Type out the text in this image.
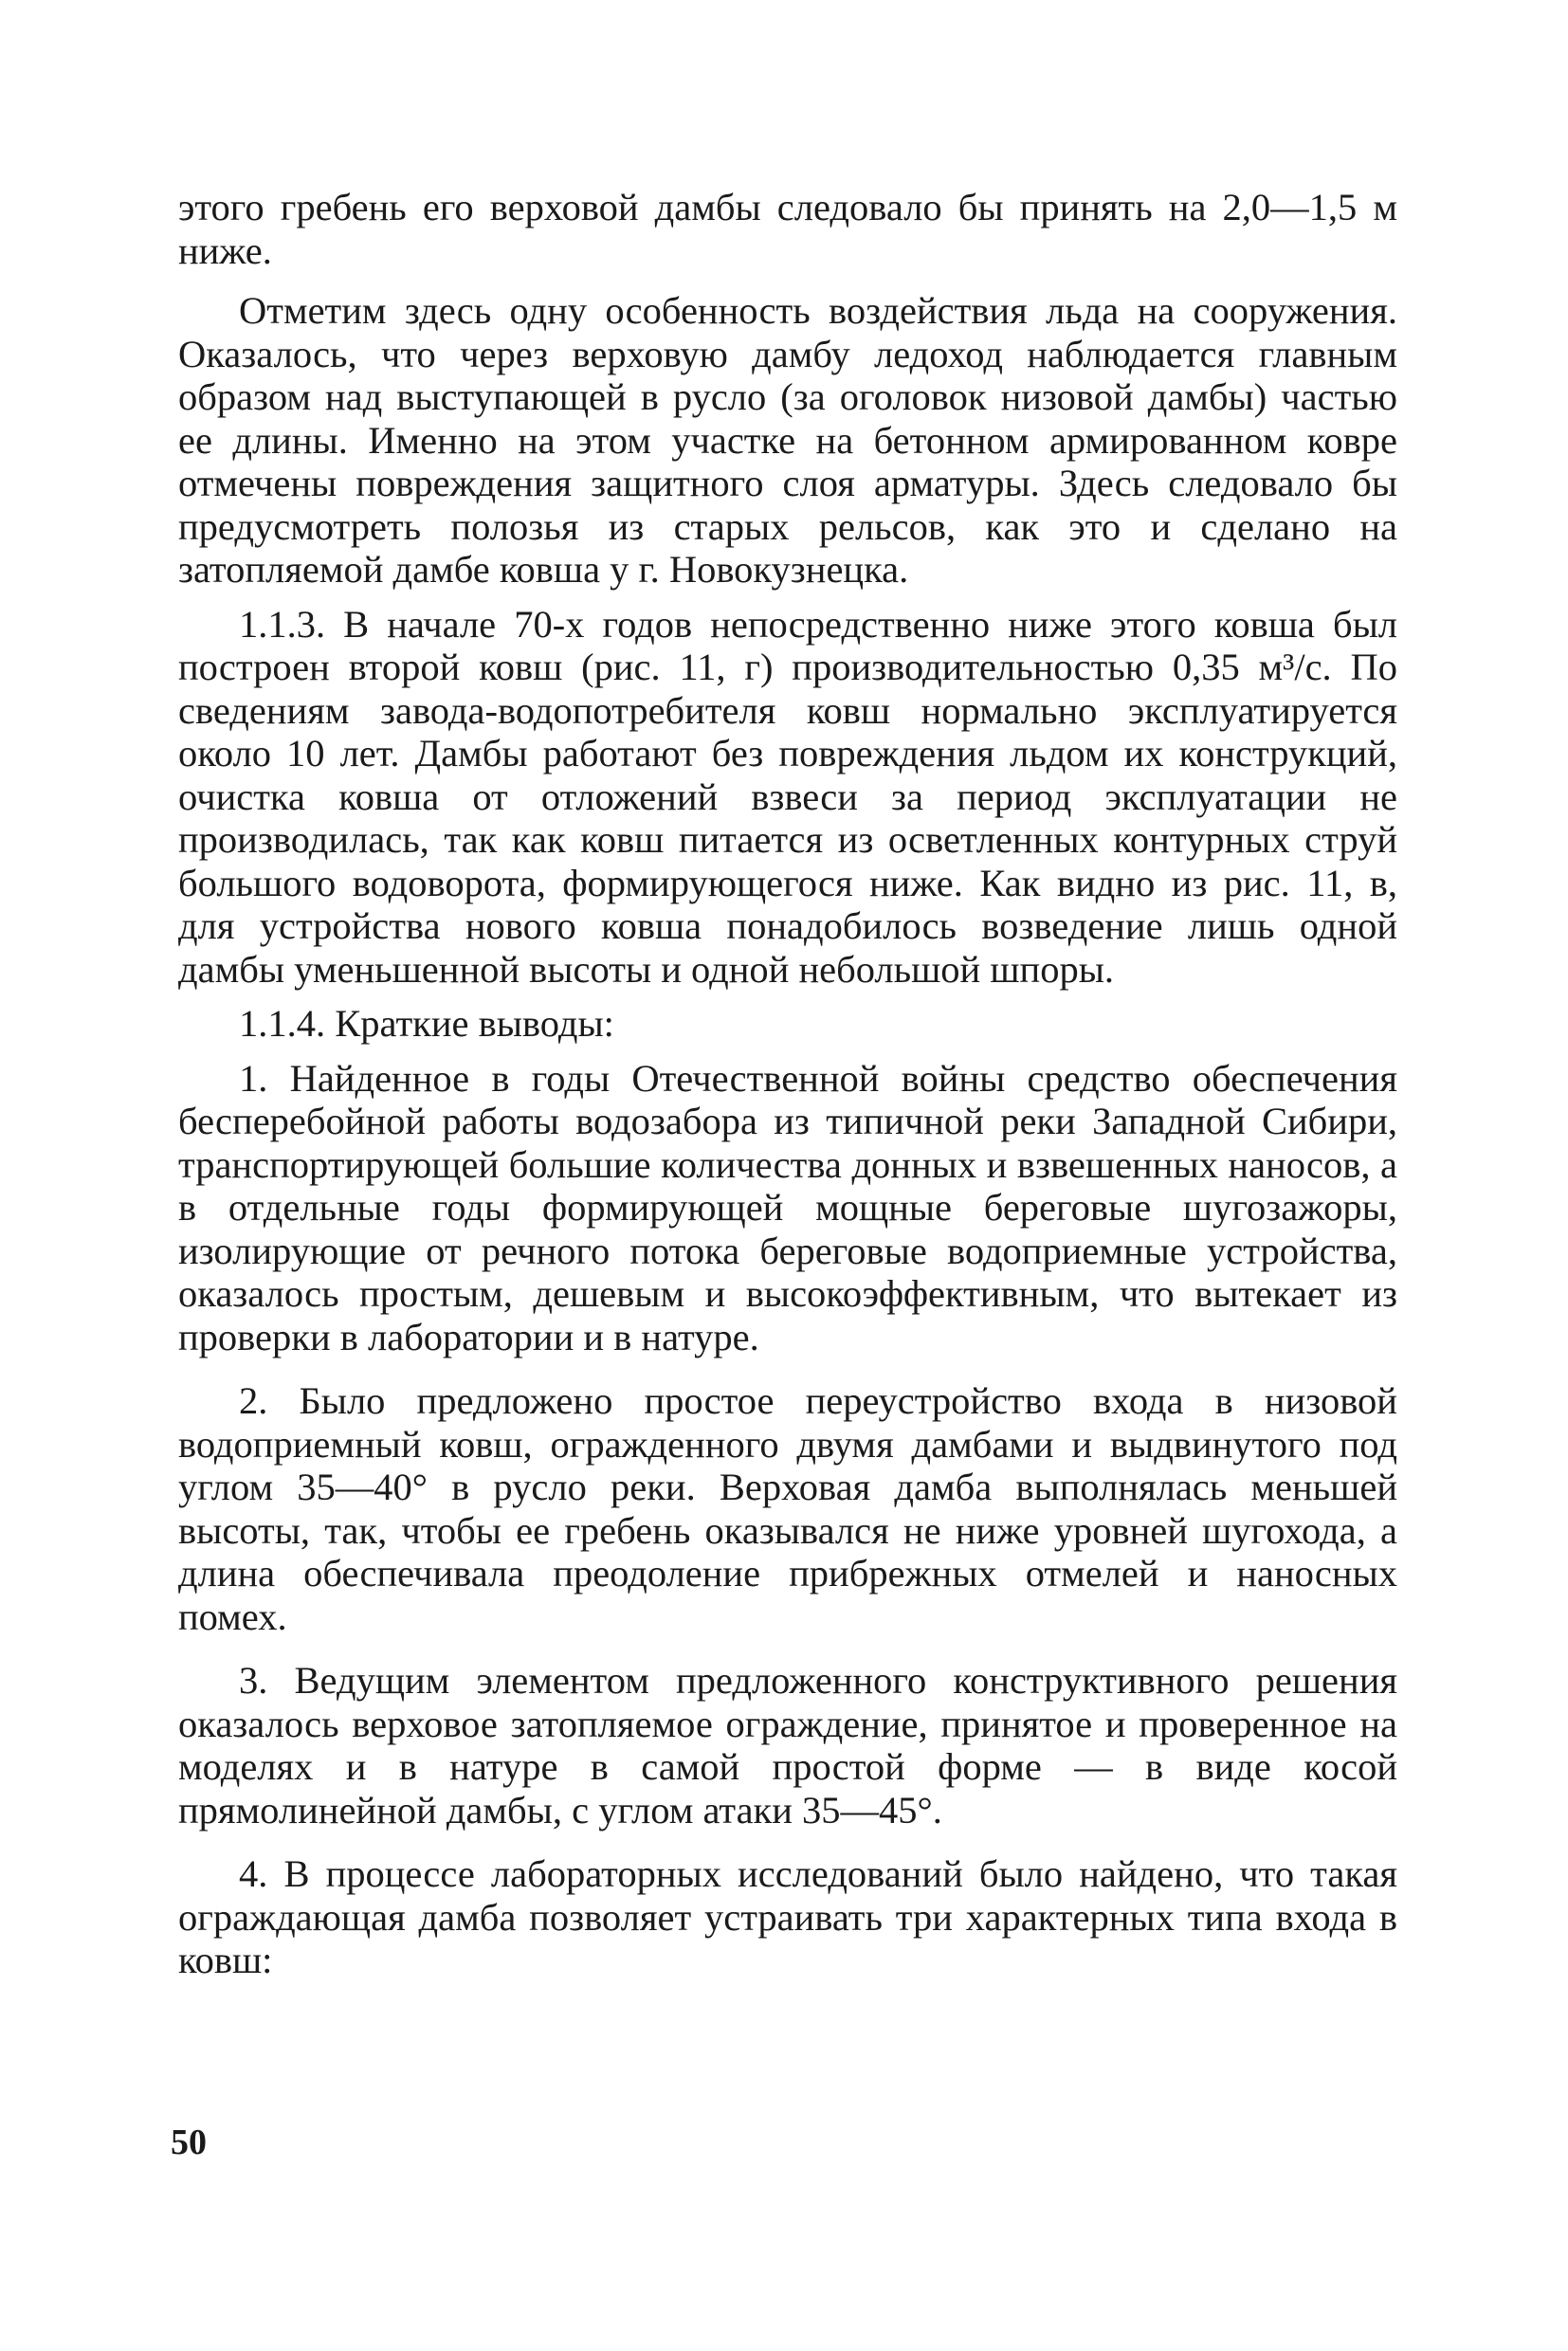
этого гребень его верховой дамбы следовало бы принять на 2,0—1,5 м ниже.

Отметим здесь одну особенность воздействия льда на сооружения. Оказалось, что через верховую дамбу ледоход наблюдается главным образом над выступающей в русло (за оголовок низовой дамбы) частью ее длины. Именно на этом участке на бетонном армированном ковре отмечены повреждения защитного слоя арматуры. Здесь следовало бы предусмотреть полозья из старых рельсов, как это и сделано на затопляемой дамбе ковша у г. Новокузнецка.

1.1.3. В начале 70-х годов непосредственно ниже этого ковша был построен второй ковш (рис. 11, г) производительностью 0,35 м³/с. По сведениям завода-водопотребителя ковш нормально эксплуатируется около 10 лет. Дамбы работают без повреждения льдом их конструкций, очистка ковша от отложений взвеси за период эксплуатации не производилась, так как ковш питается из осветленных контурных струй большого водоворота, формирующегося ниже. Как видно из рис. 11, в, для устройства нового ковша понадобилось возведение лишь одной дамбы уменьшенной высоты и одной небольшой шпоры.

1.1.4. Краткие выводы:

1. Найденное в годы Отечественной войны средство обеспечения бесперебойной работы водозабора из типичной реки Западной Сибири, транспортирующей большие количества донных и взвешенных наносов, а в отдельные годы формирующей мощные береговые шугозажоры, изолирующие от речного потока береговые водоприемные устройства, оказалось простым, дешевым и высокоэффективным, что вытекает из проверки в лаборатории и в натуре.

2. Было предложено простое переустройство входа в низовой водоприемный ковш, огражденного двумя дамбами и выдвинутого под углом 35—40° в русло реки. Верховая дамба выполнялась меньшей высоты, так, чтобы ее гребень оказывался не ниже уровней шугохода, а длина обеспечивала преодоление прибрежных отмелей и наносных помех.

3. Ведущим элементом предложенного конструктивного решения оказалось верховое затопляемое ограждение, принятое и проверенное на моделях и в натуре в самой простой форме — в виде косой прямолинейной дамбы, с углом атаки 35—45°.

4. В процессе лабораторных исследований было найдено, что такая ограждающая дамба позволяет устраивать три характерных типа входа в ковш:

50
